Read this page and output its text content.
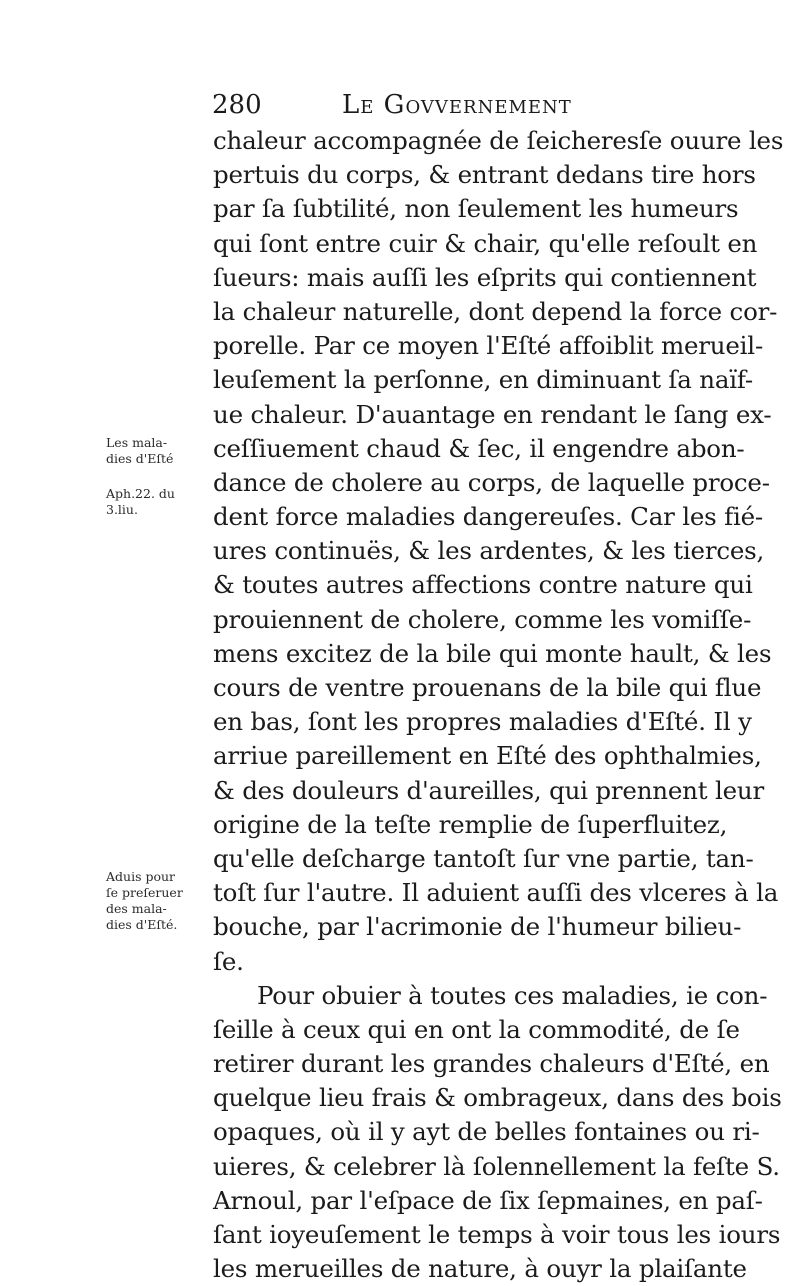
280	Le Govvernement
Les mala-
dies d'Eſté
Aph.22. du
3.liu.
Aduis pour
ſe preſeruer
des mala-
dies d'Eſté.
chaleur accompagnée de ſeicheresſe ouure les
pertuis du corps, & entrant dedans tire hors
par ſa ſubtilité, non ſeulement les humeurs
qui ſont entre cuir & chair, qu'elle reſoult en
ſueurs: mais auſſi les eſprits qui contiennent
la chaleur naturelle, dont depend la force cor-
porelle. Par ce moyen l'Eſté affoiblit merueil-
leuſement la perſonne, en diminuant ſa naïf-
ue chaleur. D'auantage en rendant le ſang ex-
ceſſiuement chaud & ſec, il engendre abon-
dance de cholere au corps, de laquelle proce-
dent force maladies dangereuſes. Car les fié-
ures continuës, & les ardentes, & les tierces,
& toutes autres affections contre nature qui
prouiennent de cholere, comme les vomiſſe-
mens excitez de la bile qui monte hault, & les
cours de ventre prouenans de la bile qui flue
en bas, ſont les propres maladies d'Eſté. Il y
arriue pareillement en Eſté des ophthalmies,
& des douleurs d'aureilles, qui prennent leur
origine de la teſte remplie de ſuperfluitez,
qu'elle deſcharge tantoſt ſur vne partie, tan-
toſt ſur l'autre. Il aduient auſſi des vlceres à la
bouche, par l'acrimonie de l'humeur bilieu-
ſe.
Pour obuier à toutes ces maladies, ie con-
ſeille à ceux qui en ont la commodité, de ſe
retirer durant les grandes chaleurs d'Eſté, en
quelque lieu frais & ombrageux, dans des bois
opaques, où il y ayt de belles fontaines ou ri-
uieres, & celebrer là ſolennellement la feſte S.
Arnoul, par l'eſpace de ſix ſepmaines, en paſ-
ſant ioyeuſement le temps à voir tous les iours
les merueilles de nature, à ouyr la plaiſante
